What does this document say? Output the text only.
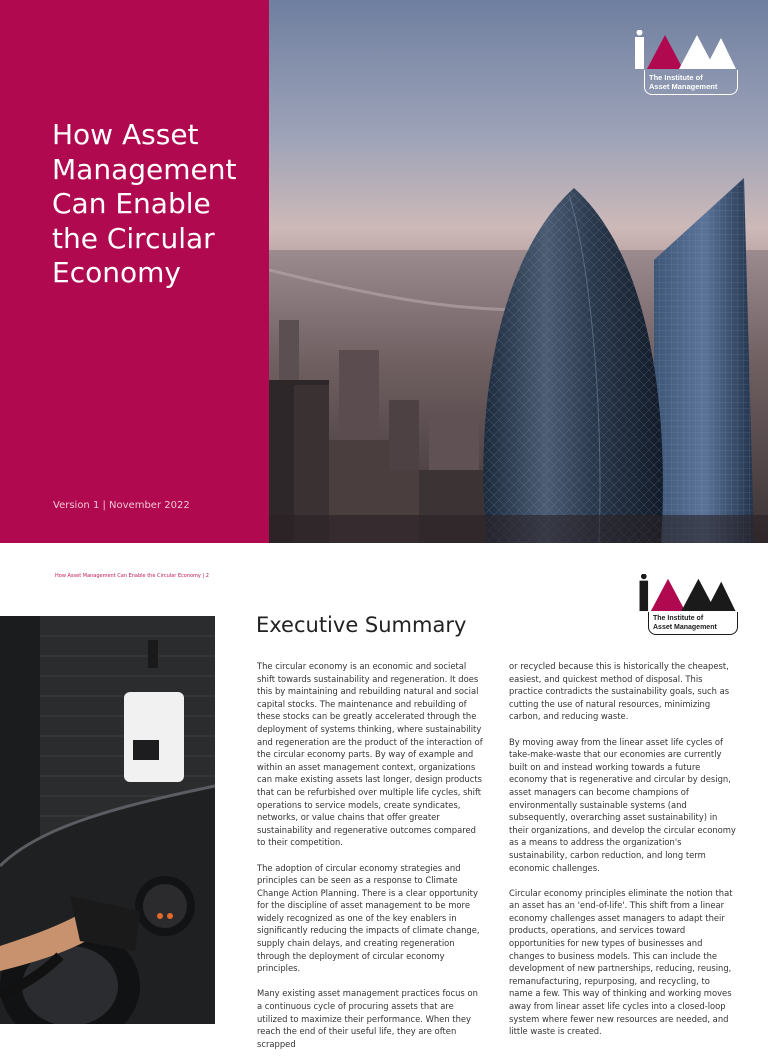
How Asset Management Can Enable the Circular Economy
Version 1 | November 2022
The Institute of
Asset Management
How Asset Management Can Enable the Circular Economy | 2
The Institute of
Asset Management
Executive Summary

The circular economy is an economic and societal shift towards sustainability and regeneration. It does this by maintaining and rebuilding natural and social capital stocks. The maintenance and rebuilding of these stocks can be greatly accelerated through the deployment of systems thinking, where sustainability and regeneration are the product of the interaction of the circular economy parts. By way of example and within an asset management context, organizations can make existing assets last longer, design products that can be refurbished over multiple life cycles, shift operations to service models, create syndicates, networks, or value chains that offer greater sustainability and regenerative outcomes compared to their competition.

The adoption of circular economy strategies and principles can be seen as a response to Climate Change Action Planning. There is a clear opportunity for the discipline of asset management to be more widely recognized as one of the key enablers in significantly reducing the impacts of climate change, supply chain delays, and creating regeneration through the deployment of circular economy principles.

Many existing asset management practices focus on a continuous cycle of procuring assets that are utilized to maximize their performance. When they reach the end of their useful life, they are often scrapped

or recycled because this is historically the cheapest, easiest, and quickest method of disposal. This practice contradicts the sustainability goals, such as cutting the use of natural resources, minimizing carbon, and reducing waste.

By moving away from the linear asset life cycles of take-make-waste that our economies are currently built on and instead working towards a future economy that is regenerative and circular by design, asset managers can become champions of environmentally sustainable systems (and subsequently, overarching asset sustainability) in their organizations, and develop the circular economy as a means to address the organization's sustainability, carbon reduction, and long term economic challenges.

Circular economy principles eliminate the notion that an asset has an 'end-of-life'. This shift from a linear economy challenges asset managers to adapt their products, operations, and services toward opportunities for new types of businesses and changes to business models. This can include the development of new partnerships, reducing, reusing, remanufacturing, repurposing, and recycling, to name a few. This way of thinking and working moves away from linear asset life cycles into a closed-loop system where fewer new resources are needed, and little waste is created.
